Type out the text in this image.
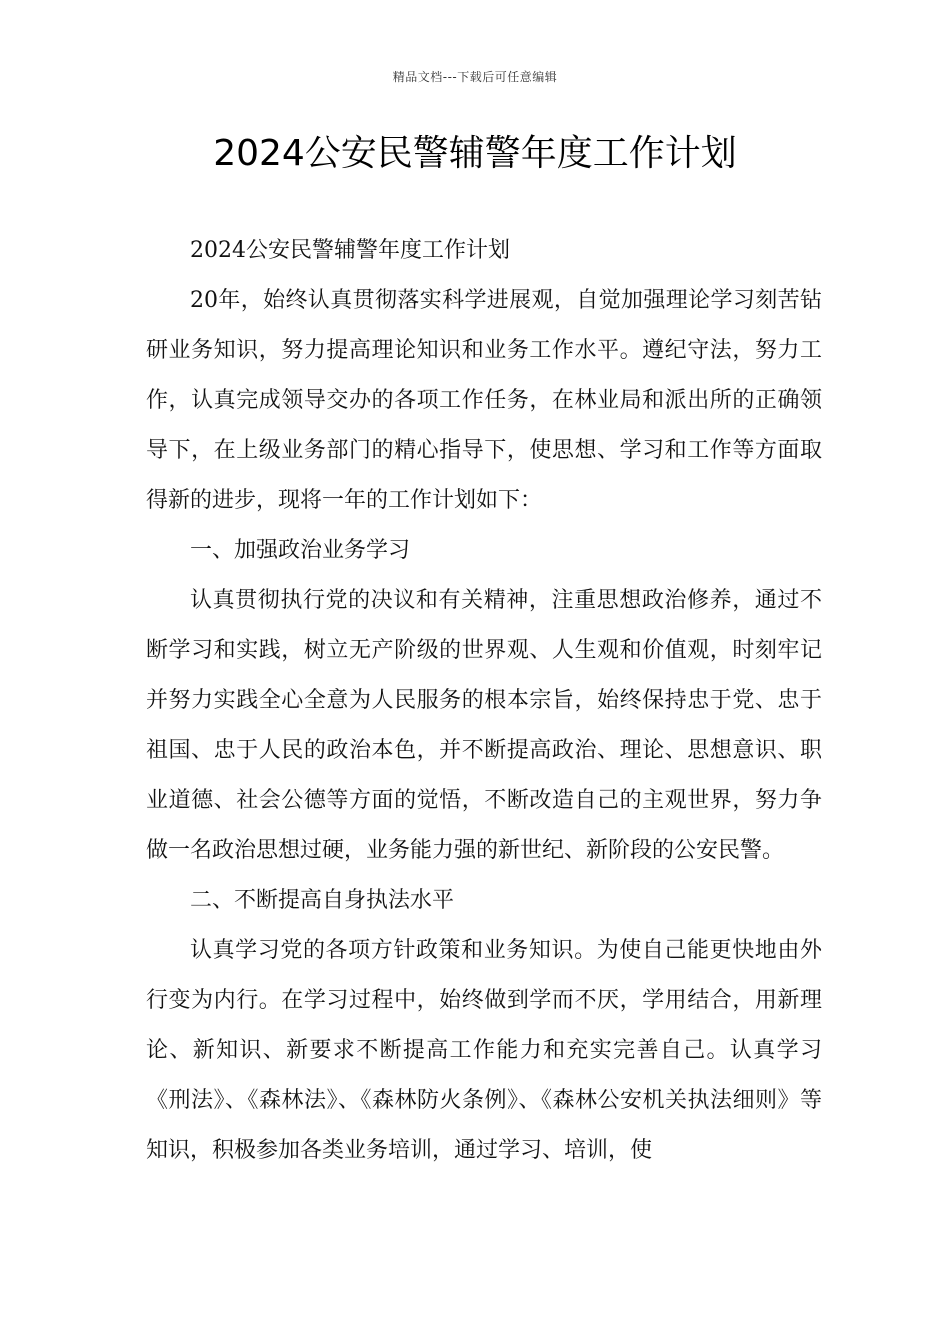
精品文档---下载后可任意编辑
2024公安民警辅警年度工作计划

2024公安民警辅警年度工作计划

20年，始终认真贯彻落实科学进展观，自觉加强理论学习刻苦钻研业务知识，努力提高理论知识和业务工作水平。遵纪守法，努力工作，认真完成领导交办的各项工作任务，在林业局和派出所的正确领导下，在上级业务部门的精心指导下，使思想、学习和工作等方面取得新的进步，现将一年的工作计划如下：

一、加强政治业务学习

认真贯彻执行党的决议和有关精神，注重思想政治修养，通过不断学习和实践，树立无产阶级的世界观、人生观和价值观，时刻牢记并努力实践全心全意为人民服务的根本宗旨，始终保持忠于党、忠于祖国、忠于人民的政治本色，并不断提高政治、理论、思想意识、职业道德、社会公德等方面的觉悟，不断改造自己的主观世界，努力争做一名政治思想过硬，业务能力强的新世纪、新阶段的公安民警。

二、不断提高自身执法水平

认真学习党的各项方针政策和业务知识。为使自己能更快地由外行变为内行。在学习过程中，始终做到学而不厌，学用结合，用新理论、新知识、新要求不断提高工作能力和充实完善自己。认真学习《刑法》、《森林法》、《森林防火条例》、《森林公安机关执法细则》等知识，积极参加各类业务培训，通过学习、培训，使
